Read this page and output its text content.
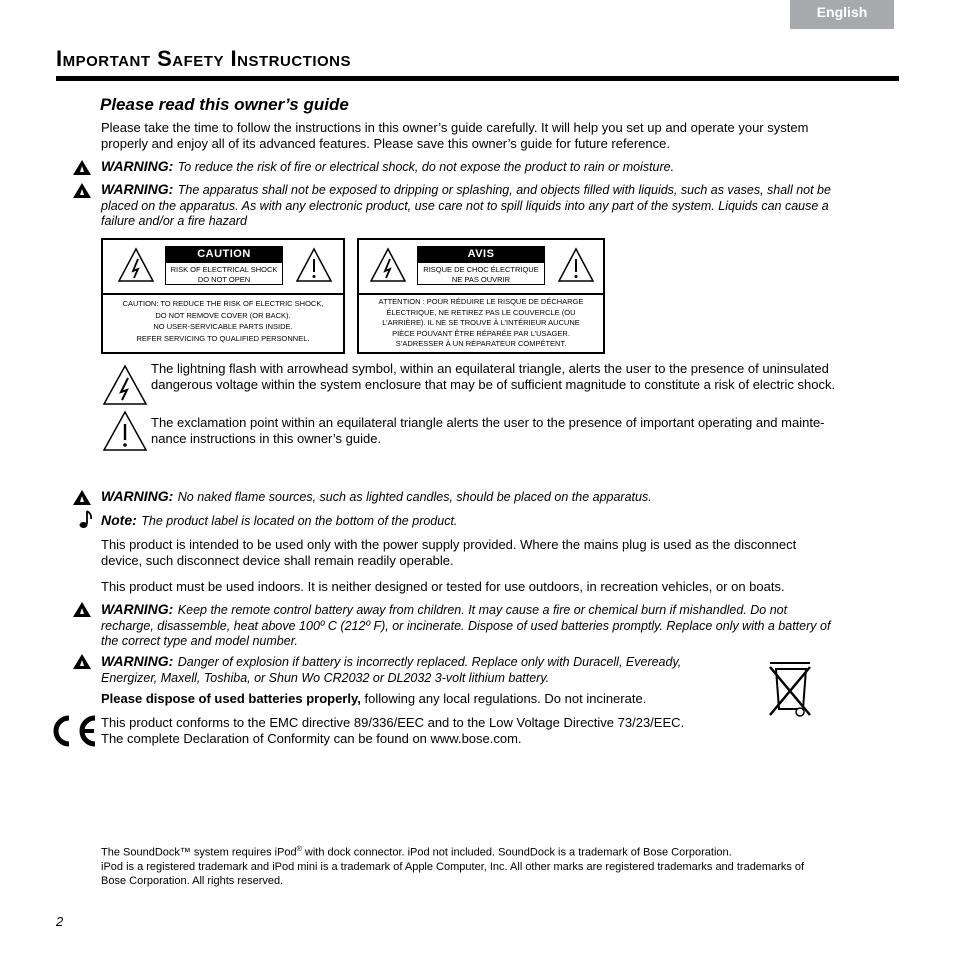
English
Important Safety Instructions
Please read this owner’s guide
Please take the time to follow the instructions in this owner’s guide carefully. It will help you set up and operate your system
properly and enjoy all of its advanced features. Please save this owner’s guide for future reference.
WARNING: To reduce the risk of fire or electrical shock, do not expose the product to rain or moisture.
WARNING: The apparatus shall not be exposed to dripping or splashing, and objects filled with liquids, such as vases, shall not be
placed on the apparatus. As with any electronic product, use care not to spill liquids into any part of the system. Liquids can cause a
failure and/or a fire hazard
CAUTION
RISK OF ELECTRICAL SHOCK
DO NOT OPEN
CAUTION: TO REDUCE THE RISK OF ELECTRIC SHOCK,
DO NOT REMOVE COVER (OR BACK).
NO USER-SERVICABLE PARTS INSIDE.
REFER SERVICING TO QUALIFIED PERSONNEL.
AVIS
RISQUE DE CHOC ÉLECTRIQUE
NE PAS OUVRIR
ATTENTION : POUR RÉDUIRE LE RISQUE DE DÉCHARGE
ÉLECTRIQUE, NE RETIREZ PAS LE COUVERCLE (OU
L’ARRIÈRE). IL NE SE TROUVE À L’INTÉRIEUR AUCUNE
PIÈCE POUVANT ÊTRE RÉPARÉE PAR L’USAGER.
S’ADRESSER À UN RÉPARATEUR COMPÉTENT.
The lightning flash with arrowhead symbol, within an equilateral triangle, alerts the user to the presence of uninsulated
dangerous voltage within the system enclosure that may be of sufficient magnitude to constitute a risk of electric shock.
The exclamation point within an equilateral triangle alerts the user to the presence of important operating and mainte-
nance instructions in this owner’s guide.
WARNING: No naked flame sources, such as lighted candles, should be placed on the apparatus.
Note: The product label is located on the bottom of the product.
This product is intended to be used only with the power supply provided. Where the mains plug is used as the disconnect
device, such disconnect device shall remain readily operable.
This product must be used indoors. It is neither designed or tested for use outdoors, in recreation vehicles, or on boats.
WARNING: Keep the remote control battery away from children. It may cause a fire or chemical burn if mishandled. Do not
recharge, disassemble, heat above 100º C (212º F), or incinerate. Dispose of used batteries promptly. Replace only with a battery of
the correct type and model number.
WARNING: Danger of explosion if battery is incorrectly replaced. Replace only with Duracell, Eveready,
Energizer, Maxell, Toshiba, or Shun Wo CR2032 or DL2032 3-volt lithium battery.
Please dispose of used batteries properly, following any local regulations. Do not incinerate.
This product conforms to the EMC directive 89/336/EEC and to the Low Voltage Directive 73/23/EEC.
The complete Declaration of Conformity can be found on www.bose.com.
The SoundDock™ system requires iPod® with dock connector. iPod not included. SoundDock is a trademark of Bose Corporation.
iPod is a registered trademark and iPod mini is a trademark of Apple Computer, Inc. All other marks are registered trademarks and trademarks of
Bose Corporation. All rights reserved.
2
